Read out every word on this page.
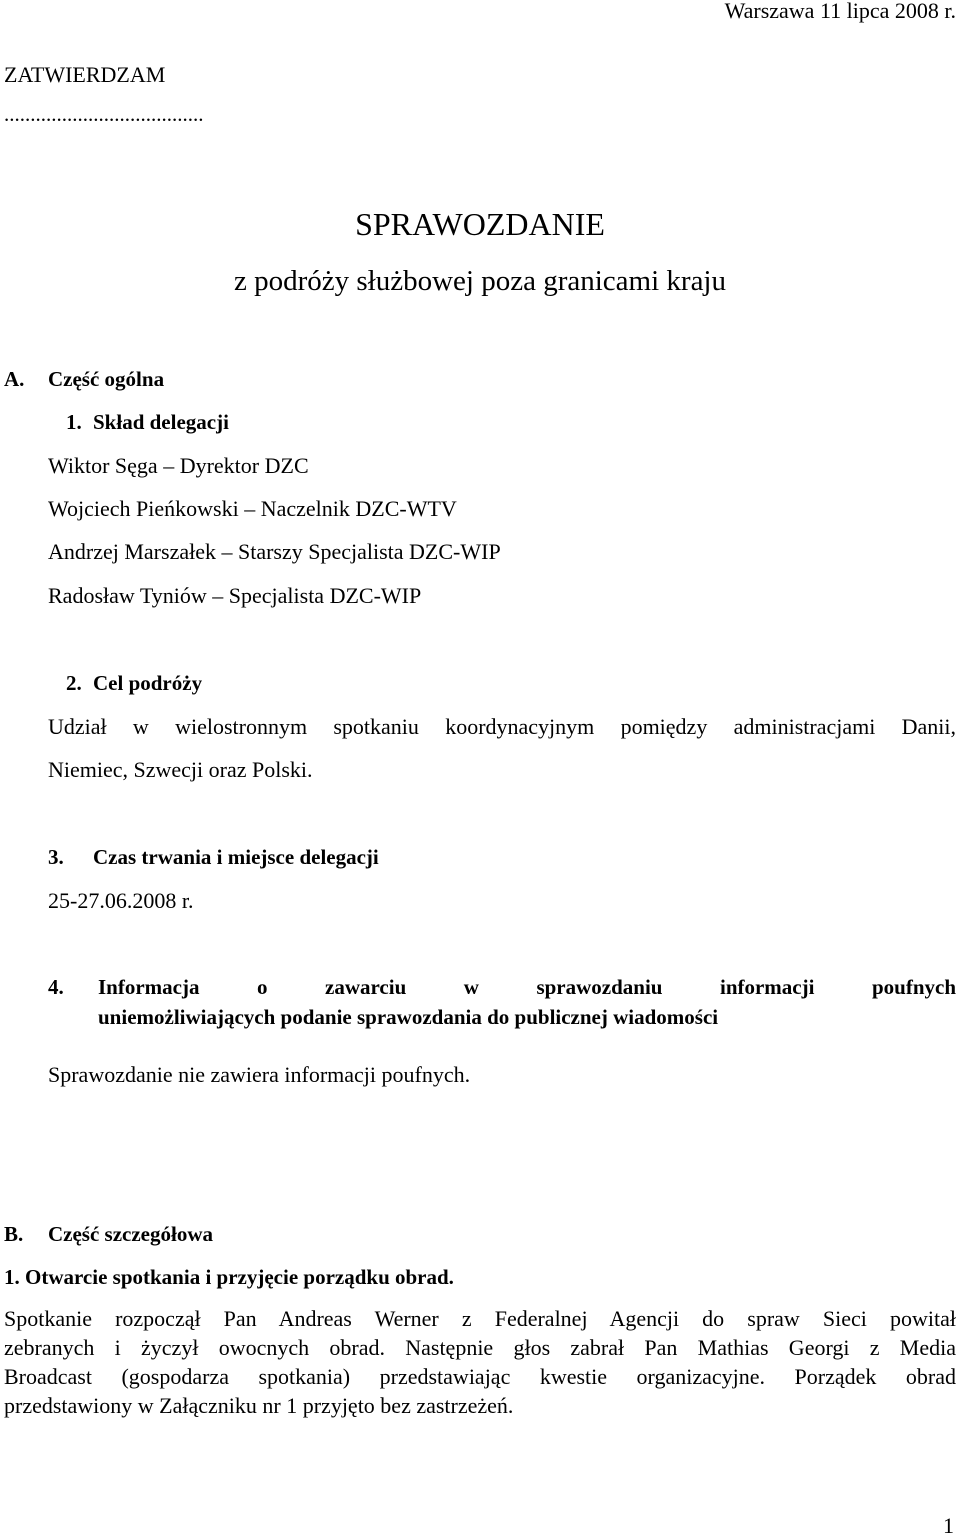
Warszawa 11 lipca 2008 r.
ZATWIERDZAM
......................................
SPRAWOZDANIE
z podróży służbowej poza granicami kraju
A. Część ogólna
1. Skład delegacji
Wiktor Sęga – Dyrektor DZC
Wojciech Pieńkowski – Naczelnik DZC-WTV
Andrzej Marszałek – Starszy Specjalista DZC-WIP
Radosław Tyniów – Specjalista DZC-WIP
2. Cel podróży
Udział w wielostronnym spotkaniu koordynacyjnym pomiędzy administracjami Danii,
Niemiec, Szwecji oraz Polski.
3. Czas trwania i miejsce delegacji
25-27.06.2008 r.
4. Informacja o zawarciu w sprawozdaniu informacji poufnych
uniemożliwiających podanie sprawozdania do publicznej wiadomości
Sprawozdanie nie zawiera informacji poufnych.
B. Część szczegółowa
1. Otwarcie spotkania i przyjęcie porządku obrad.
Spotkanie rozpoczął Pan Andreas Werner z Federalnej Agencji do spraw Sieci powitał
zebranych i życzył owocnych obrad. Następnie głos zabrał Pan Mathias Georgi z Media
Broadcast (gospodarza spotkania) przedstawiając kwestie organizacyjne. Porządek obrad
przedstawiony w Załączniku nr 1 przyjęto bez zastrzeżeń.
1
